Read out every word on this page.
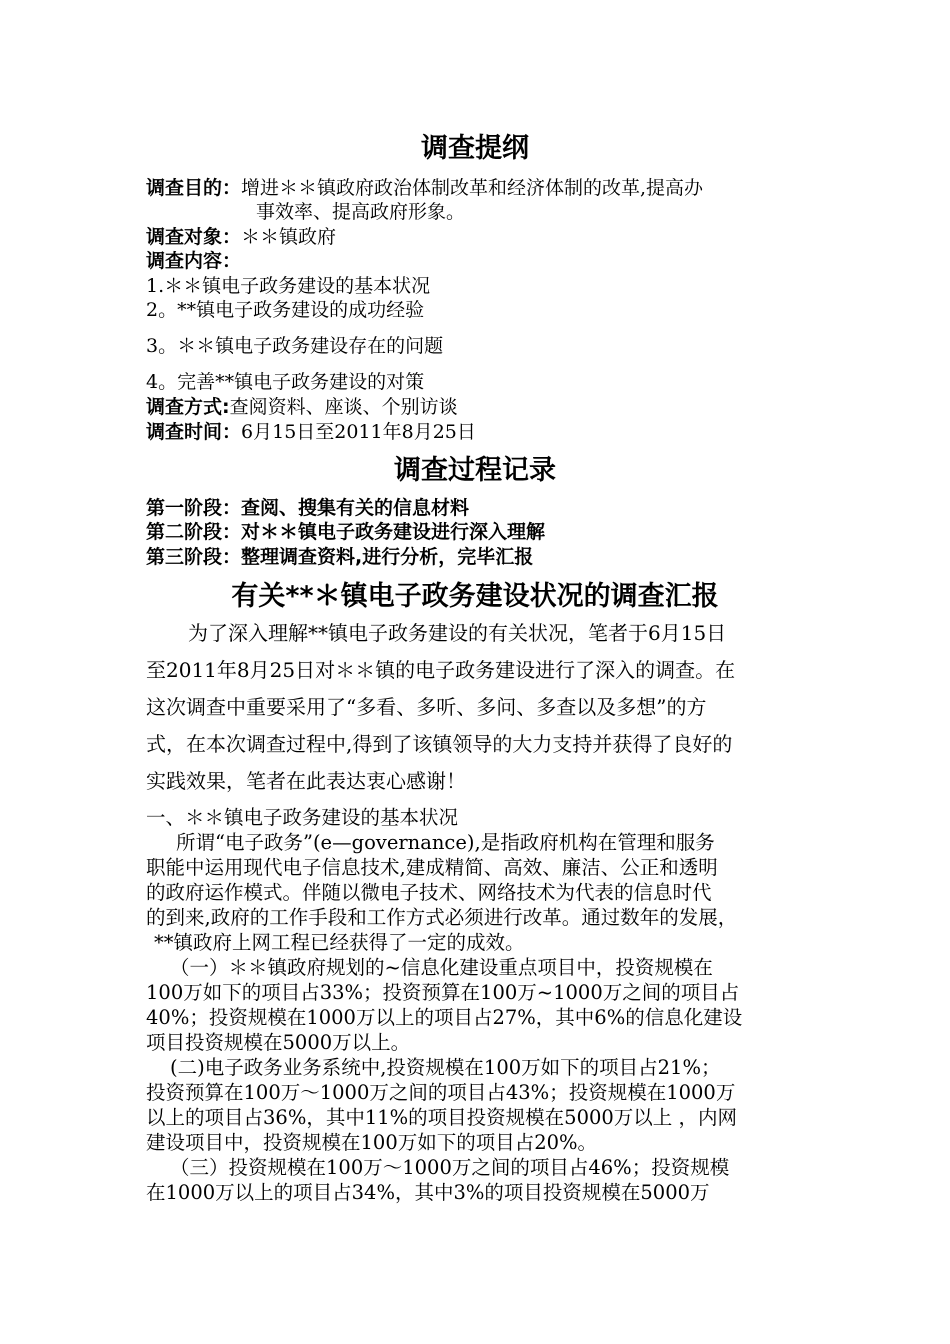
调查提纲
调查目的：增进＊＊镇政府政治体制改革和经济体制的改革,提高办
事效率、提高政府形象。
调查对象：＊＊镇政府
调查内容：
1.＊＊镇电子政务建设的基本状况
2。**镇电子政务建设的成功经验
3。＊＊镇电子政务建设存在的问题
4。完善**镇电子政务建设的对策
调查方式:查阅资料、座谈、个别访谈
调查时间：6月15日至2011年8月25日
调查过程记录
第一阶段：查阅、搜集有关的信息材料
第二阶段：对＊＊镇电子政务建设进行深入理解
第三阶段：整理调查资料,进行分析，完毕汇报
有关**＊镇电子政务建设状况的调查汇报
为了深入理解**镇电子政务建设的有关状况，笔者于6月15日
至2011年8月25日对＊＊镇的电子政务建设进行了深入的调查。在
这次调查中重要采用了“多看、多听、多问、多查以及多想”的方
式，在本次调查过程中,得到了该镇领导的大力支持并获得了良好的
实践效果，笔者在此表达衷心感谢！
一、＊＊镇电子政务建设的基本状况
所谓“电子政务”(e—governance),是指政府机构在管理和服务
职能中运用现代电子信息技术,建成精简、高效、廉洁、公正和透明
的政府运作模式。伴随以微电子技术、网络技术为代表的信息时代
的到来,政府的工作手段和工作方式必须进行改革。通过数年的发展，
**镇政府上网工程已经获得了一定的成效。
（一）＊＊镇政府规划的~信息化建设重点项目中，投资规模在
100万如下的项目占33%；投资预算在100万~1000万之间的项目占
40%；投资规模在1000万以上的项目占27%，其中6%的信息化建设
项目投资规模在5000万以上。
(二)电子政务业务系统中,投资规模在100万如下的项目占21%；
投资预算在100万～1000万之间的项目占43%；投资规模在1000万
以上的项目占36%，其中11%的项目投资规模在5000万以上 ，内网
建设项目中，投资规模在100万如下的项目占20%。
（三）投资规模在100万～1000万之间的项目占46%；投资规模
在1000万以上的项目占34%，其中3%的项目投资规模在5000万
